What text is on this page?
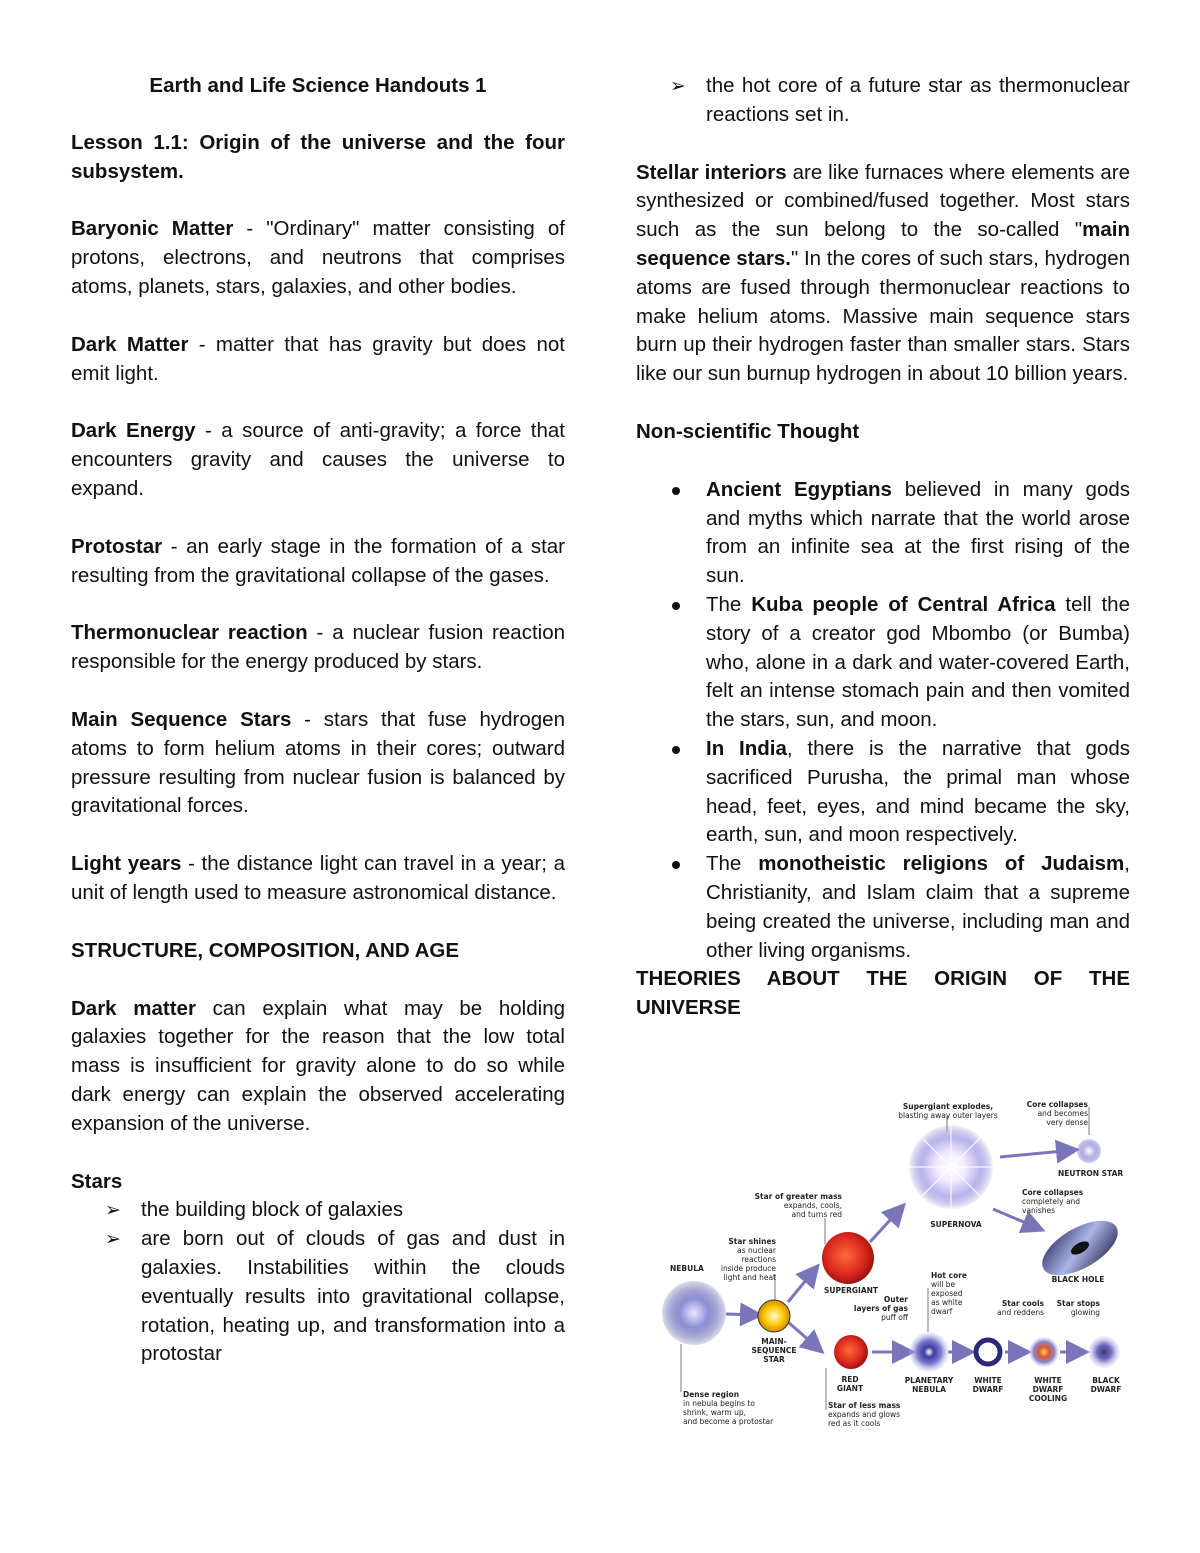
Earth and Life Science Handouts 1

Lesson 1.1: Origin of the universe and the four subsystem.

Baryonic Matter - "Ordinary" matter consisting of protons, electrons, and neutrons that comprises atoms, planets, stars, galaxies, and other bodies.

Dark Matter - matter that has gravity but does not emit light.

Dark Energy - a source of anti-gravity; a force that encounters gravity and causes the universe to expand.

Protostar - an early stage in the formation of a star resulting from the gravitational collapse of the gases.

Thermonuclear reaction - a nuclear fusion reaction responsible for the energy produced by stars.

Main Sequence Stars - stars that fuse hydrogen atoms to form helium atoms in their cores; outward pressure resulting from nuclear fusion is balanced by gravitational forces.

Light years - the distance light can travel in a year; a unit of length used to measure astronomical distance.

STRUCTURE, COMPOSITION, AND AGE

Dark matter can explain what may be holding galaxies together for the reason that the low total mass is insufficient for gravity alone to do so while dark energy can explain the observed accelerating expansion of the universe.

Stars

➢ the building block of galaxies
➢ are born out of clouds of gas and dust in galaxies. Instabilities within the clouds eventually results into gravitational collapse, rotation, heating up, and transformation into a protostar
➢ the hot core of a future star as thermonuclear reactions set in.

Stellar interiors are like furnaces where elements are synthesized or combined/fused together. Most stars such as the sun belong to the so-called "main sequence stars." In the cores of such stars, hydrogen atoms are fused through thermonuclear reactions to make helium atoms. Massive main sequence stars burn up their hydrogen faster than smaller stars. Stars like our sun burnup hydrogen in about 10 billion years.

Non-scientific Thought

Ancient Egyptians believed in many gods and myths which narrate that the world arose from an infinite sea at the first rising of the sun.
The Kuba people of Central Africa tell the story of a creator god Mbombo (or Bumba) who, alone in a dark and water-covered Earth, felt an intense stomach pain and then vomited the stars, sun, and moon.
In India, there is the narrative that gods sacrificed Purusha, the primal man whose head, feet, eyes, and mind became the sky, earth, sun, and moon respectively.
The monotheistic religions of Judaism, Christianity, and Islam claim that a supreme being created the universe, including man and other living organisms.

THEORIES ABOUT THE ORIGIN OF THE UNIVERSE

NEBULA
Dense region
in nebula begins to
shrink, warm up,
and become a protostar
Star shines
as nuclear
reactions
inside produce
light and heat
MAIN-
SEQUENCE
STAR
Star of greater mass
expands, cools,
and turns red
SUPERGIANT
Supergiant explodes,
blasting away outer layers
SUPERNOVA
Core collapses
and becomes
very dense
NEUTRON STAR
Core collapses
completely and
vanishes
BLACK HOLE
RED
GIANT
Star of less mass
expands and glows
red as it cools
Outer
layers of gas
puff off
Hot core
will be
exposed
as white
dwarf
PLANETARY
NEBULA
WHITE
DWARF
Star cools
and reddens
WHITE
DWARF
COOLING
Star stops
glowing
BLACK
DWARF
